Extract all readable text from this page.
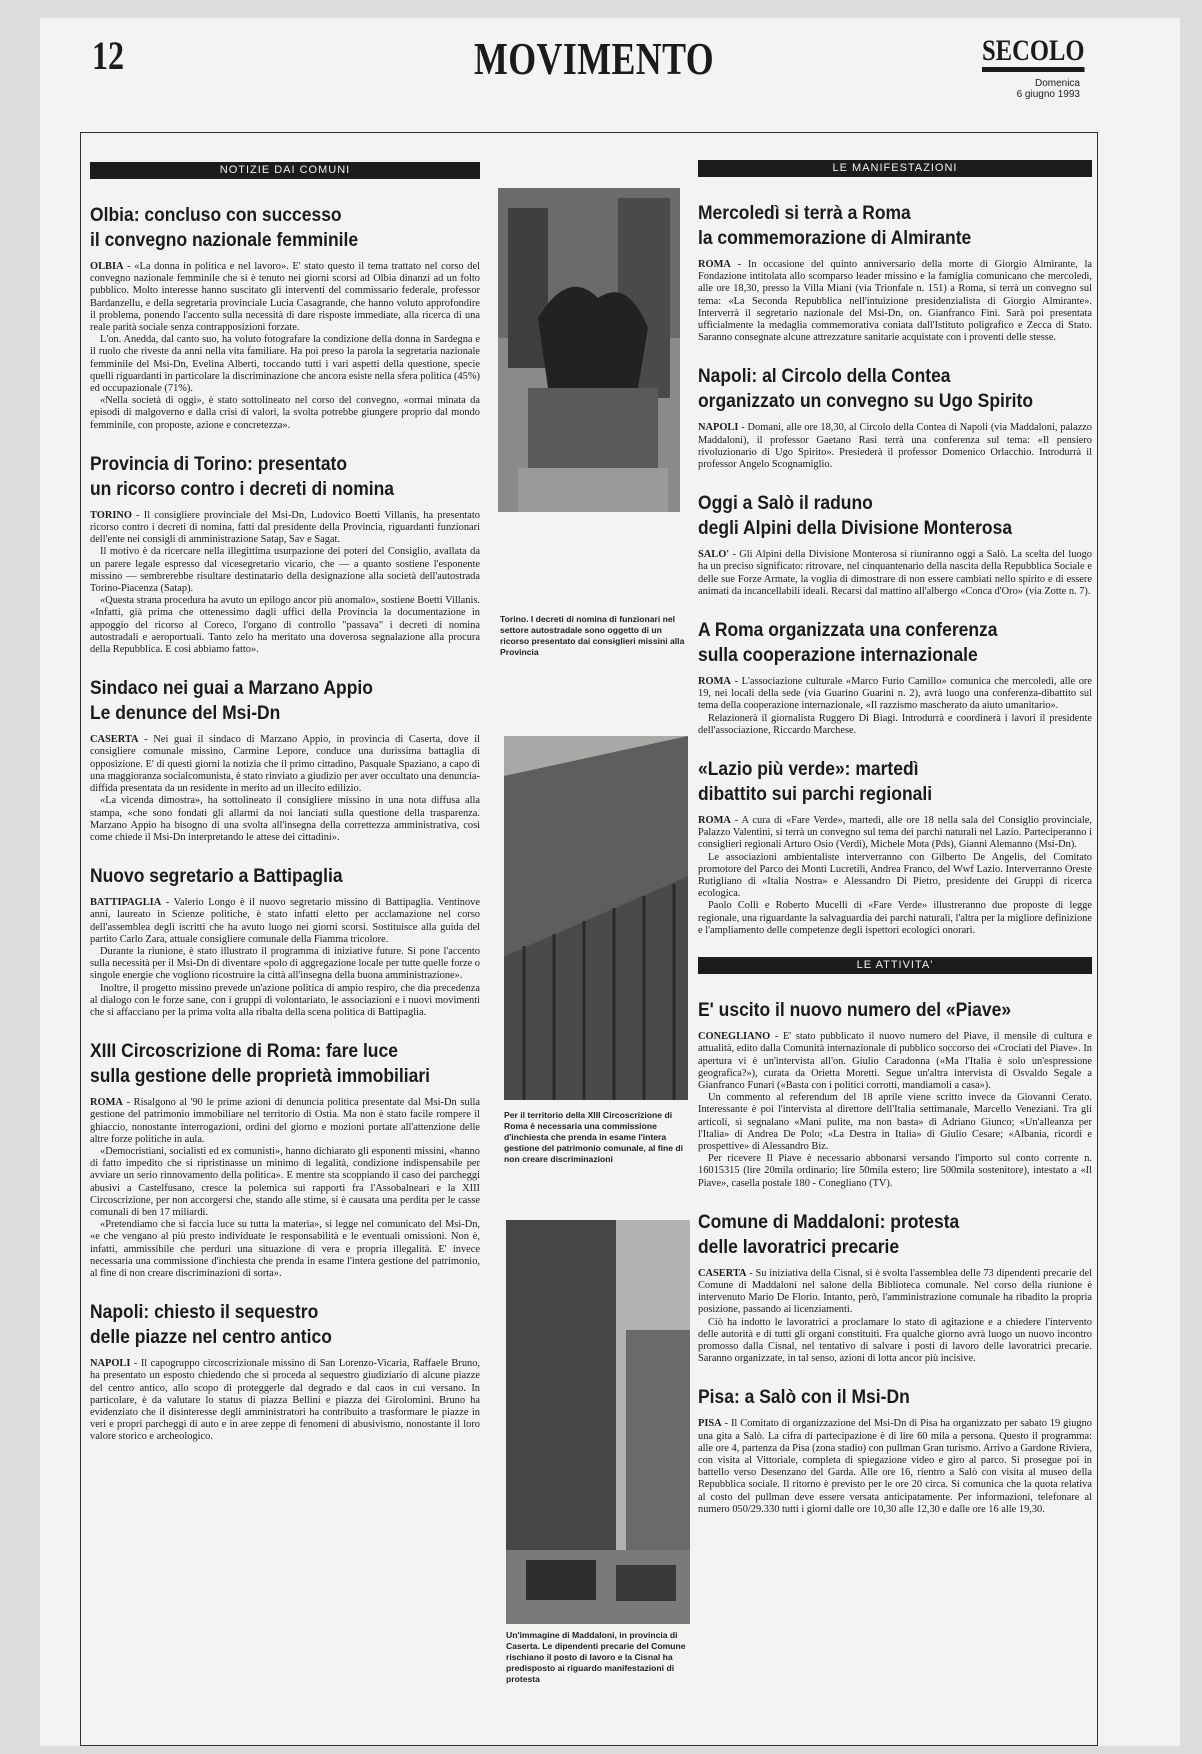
12	MOVIMENTO	SECOLO
Domenica
6 giugno 1993
NOTIZIE DAI COMUNI
Olbia: concluso con successo
il convegno nazionale femminile

OLBIA - «La donna in politica e nel lavoro». E' stato questo il tema trattato nel corso del convegno nazionale femminile che si è tenuto nei giorni scorsi ad Olbia dinanzi ad un folto pubblico. Molto interesse hanno suscitato gli interventi del commissario federale, professor Bardanzellu, e della segretaria provinciale Lucia Casagrande, che hanno voluto approfondire il problema, ponendo l'accento sulla necessità di dare risposte immediate, alla ricerca di una reale parità sociale senza contrapposizioni forzate.

L'on. Anedda, dal canto suo, ha voluto fotografare la condizione della donna in Sardegna e il ruolo che riveste da anni nella vita familiare. Ha poi preso la parola la segretaria nazionale femminile del Msi-Dn, Evelina Alberti, toccando tutti i vari aspetti della questione, specie quelli riguardanti in particolare la discriminazione che ancora esiste nella sfera politica (45%) ed occupazionale (71%).

«Nella società di oggi», è stato sottolineato nel corso del convegno, «ormai minata da episodi di malgoverno e dalla crisi di valori, la svolta potrebbe giungere proprio dal mondo femminile, con proposte, azione e concretezza».

Provincia di Torino: presentato
un ricorso contro i decreti di nomina

TORINO - Il consigliere provinciale del Msi-Dn, Ludovico Boetti Villanis, ha presentato ricorso contro i decreti di nomina, fatti dal presidente della Provincia, riguardanti funzionari dell'ente nei consigli di amministrazione Satap, Sav e Sagat.

Il motivo è da ricercare nella illegittima usurpazione dei poteri del Consiglio, avallata da un parere legale espresso dal vicesegretario vicario, che — a quanto sostiene l'esponente missino — sembrerebbe risultare destinatario della designazione alla società dell'autostrada Torino-Piacenza (Satap).

«Questa strana procedura ha avuto un epilogo ancor più anomalo», sostiene Boetti Villanis. «Infatti, già prima che ottenessimo dagli uffici della Provincia la documentazione in appoggio del ricorso al Coreco, l'organo di controllo "passava" i decreti di nomina autostradali e aeroportuali. Tanto zelo ha meritato una doverosa segnalazione alla procura della Repubblica. E così abbiamo fatto».

Sindaco nei guai a Marzano Appio
Le denunce del Msi-Dn

CASERTA - Nei guai il sindaco di Marzano Appio, in provincia di Caserta, dove il consigliere comunale missino, Carmine Lepore, conduce una durissima battaglia di opposizione. E' di questi giorni la notizia che il primo cittadino, Pasquale Spaziano, a capo di una maggioranza socialcomunista, è stato rinviato a giudizio per aver occultato una denuncia-diffida presentata da un residente in merito ad un illecito edilizio.

«La vicenda dimostra», ha sottolineato il consigliere missino in una nota diffusa alla stampa, «che sono fondati gli allarmi da noi lanciati sulla questione della trasparenza. Marzano Appio ha bisogno di una svolta all'insegna della correttezza amministrativa, così come chiede il Msi-Dn interpretando le attese dei cittadini».

Nuovo segretario a Battipaglia

BATTIPAGLIA - Valerio Longo è il nuovo segretario missino di Battipaglia. Ventinove anni, laureato in Scienze politiche, è stato infatti eletto per acclamazione nel corso dell'assemblea degli iscritti che ha avuto luogo nei giorni scorsi. Sostituisce alla guida del partito Carlo Zara, attuale consigliere comunale della Fiamma tricolore.

Durante la riunione, è stato illustrato il programma di iniziative future. Si pone l'accento sulla necessità per il Msi-Dn di diventare «polo di aggregazione locale per tutte quelle forze o singole energie che vogliono ricostruire la città all'insegna della buona amministrazione».

Inoltre, il progetto missino prevede un'azione politica di ampio respiro, che dia precedenza al dialogo con le forze sane, con i gruppi di volontariato, le associazioni e i nuovi movimenti che si affacciano per la prima volta alla ribalta della scena politica di Battipaglia.

XIII Circoscrizione di Roma: fare luce
sulla gestione delle proprietà immobiliari

ROMA - Risalgono al '90 le prime azioni di denuncia politica presentate dal Msi-Dn sulla gestione del patrimonio immobiliare nel territorio di Ostia. Ma non è stato facile rompere il ghiaccio, nonostante interrogazioni, ordini del giorno e mozioni portate all'attenzione delle altre forze politiche in aula.

«Democristiani, socialisti ed ex comunisti», hanno dichiarato gli esponenti missini, «hanno di fatto impedito che si ripristinasse un minimo di legalità, condizione indispensabile per avviare un serio rinnovamento della politica». E mentre sta scoppiando il caso dei parcheggi abusivi a Castelfusano, cresce la polemica sui rapporti fra l'Assobalneari e la XIII Circoscrizione, per non accorgersi che, stando alle stime, si è causata una perdita per le casse comunali di ben 17 miliardi.

«Pretendiamo che si faccia luce su tutta la materia», si legge nel comunicato del Msi-Dn, «e che vengano al più presto individuate le responsabilità e le eventuali omissioni. Non è, infatti, ammissibile che perduri una situazione di vera e propria illegalità. E' invece necessaria una commissione d'inchiesta che prenda in esame l'intera gestione del patrimonio, al fine di non creare discriminazioni di sorta».

Napoli: chiesto il sequestro
delle piazze nel centro antico

NAPOLI - Il capogruppo circoscrizionale missino di San Lorenzo-Vicaria, Raffaele Bruno, ha presentato un esposto chiedendo che si proceda al sequestro giudiziario di alcune piazze del centro antico, allo scopo di proteggerle dal degrado e dal caos in cui versano. In particolare, è da valutare lo status di piazza Bellini e piazza dei Girolomini. Bruno ha evidenziato che il disinteresse degli amministratori ha contribuito a trasformare le piazze in veri e propri parcheggi di auto e in aree zeppe di fenomeni di abusivismo, nonostante il loro valore storico e archeologico.

Torino. I decreti di nomina di funzionari nel settore autostradale sono oggetto di un ricorso presentato dai consiglieri missini alla Provincia
Per il territorio della XIII Circoscrizione di Roma è necessaria una commissione d'inchiesta che prenda in esame l'intera gestione del patrimonio comunale, al fine di non creare discriminazioni
Un'immagine di Maddaloni, in provincia di Caserta. Le dipendenti precarie del Comune rischiano il posto di lavoro e la Cisnal ha predisposto ai riguardo manifestazioni di protesta
LE MANIFESTAZIONI
Mercoledì si terrà a Roma
la commemorazione di Almirante

ROMA - In occasione del quinto anniversario della morte di Giorgio Almirante, la Fondazione intitolata allo scomparso leader missino e la famiglia comunicano che mercoledì, alle ore 18,30, presso la Villa Miani (via Trionfale n. 151) a Roma, si terrà un convegno sul tema: «La Seconda Repubblica nell'intuizione presidenzialista di Giorgio Almirante». Interverrà il segretario nazionale del Msi-Dn, on. Gianfranco Fini. Sarà poi presentata ufficialmente la medaglia commemorativa coniata dall'Istituto poligrafico e Zecca di Stato. Saranno consegnate alcune attrezzature sanitarie acquistate con i proventi delle stesse.

Napoli: al Circolo della Contea
organizzato un convegno su Ugo Spirito

NAPOLI - Domani, alle ore 18,30, al Circolo della Contea di Napoli (via Maddaloni, palazzo Maddaloni), il professor Gaetano Rasi terrà una conferenza sul tema: «Il pensiero rivoluzionario di Ugo Spirito». Presiederà il professor Domenico Orlacchio. Introdurrà il professor Angelo Scognamiglio.

Oggi a Salò il raduno
degli Alpini della Divisione Monterosa

SALO' - Gli Alpini della Divisione Monterosa si riuniranno oggi a Salò. La scelta del luogo ha un preciso significato: ritrovare, nel cinquantenario della nascita della Repubblica Sociale e delle sue Forze Armate, la voglia di dimostrare di non essere cambiati nello spirito e di essere animati da incancellabili ideali. Recarsi dal mattino all'albergo «Conca d'Oro» (via Zotte n. 7).

A Roma organizzata una conferenza
sulla cooperazione internazionale

ROMA - L'associazione culturale «Marco Furio Camillo» comunica che mercoledì, alle ore 19, nei locali della sede (via Guarino Guarini n. 2), avrà luogo una conferenza-dibattito sul tema della cooperazione internazionale, «Il razzismo mascherato da aiuto umanitario».

Relazionerà il giornalista Ruggero Di Biagi. Introdurrà e coordinerà i lavori il presidente dell'associazione, Riccardo Marchese.

«Lazio più verde»: martedì
dibattito sui parchi regionali

ROMA - A cura di «Fare Verde», martedì, alle ore 18 nella sala del Consiglio provinciale, Palazzo Valentini, si terrà un convegno sul tema dei parchi naturali nel Lazio. Parteciperanno i consiglieri regionali Arturo Osio (Verdi), Michele Mota (Pds), Gianni Alemanno (Msi-Dn).

Le associazioni ambientaliste interverranno con Gilberto De Angelis, del Comitato promotore del Parco dei Monti Lucretili, Andrea Franco, del Wwf Lazio. Interverranno Oreste Rutigliano di «Italia Nostra» e Alessandro Di Pietro, presidente dei Gruppi di ricerca ecologica.

Paolo Colli e Roberto Mucelli di «Fare Verde» illustreranno due proposte di legge regionale, una riguardante la salvaguardia dei parchi naturali, l'altra per la migliore definizione e l'ampliamento delle competenze degli ispettori ecologici onorari.

LE ATTIVITA'
E' uscito il nuovo numero del «Piave»

CONEGLIANO - E' stato pubblicato il nuovo numero del Piave, il mensile di cultura e attualità, edito dalla Comunità internazionale di pubblico soccorso dei «Crociati del Piave». In apertura vi è un'intervista all'on. Giulio Caradonna («Ma l'Italia è solo un'espressione geografica?»), curata da Orietta Moretti. Segue un'altra intervista di Osvaldo Segale a Gianfranco Funari («Basta con i politici corrotti, mandiamoli a casa»).

Un commento al referendum del 18 aprile viene scritto invece da Giovanni Cerato. Interessante è poi l'intervista al direttore dell'Italia settimanale, Marcello Veneziani. Tra gli articoli, si segnalano «Mani pulite, ma non basta» di Adriano Giunco; «Un'alleanza per l'Italia» di Andrea De Polo; «La Destra in Italia» di Giulio Cesare; «Albania, ricordi e prospettive» di Alessandro Biz.

Per ricevere Il Piave è necessario abbonarsi versando l'importo sul conto corrente n. 16015315 (lire 20mila ordinario; lire 50mila estero; lire 500mila sostenitore), intestato a «Il Piave», casella postale 180 - Conegliano (TV).

Comune di Maddaloni: protesta
delle lavoratrici precarie

CASERTA - Su iniziativa della Cisnal, si è svolta l'assemblea delle 73 dipendenti precarie del Comune di Maddaloni nel salone della Biblioteca comunale. Nel corso della riunione è intervenuto Mario De Florio. Intanto, però, l'amministrazione comunale ha ribadito la propria posizione, passando ai licenziamenti.

Ciò ha indotto le lavoratrici a proclamare lo stato di agitazione e a chiedere l'intervento delle autorità e di tutti gli organi constituiti. Fra qualche giorno avrà luogo un nuovo incontro promosso dalla Cisnal, nel tentativo di salvare i posti di lavoro delle lavoratrici precarie. Saranno organizzate, in tal senso, azioni di lotta ancor più incisive.

Pisa: a Salò con il Msi-Dn

PISA - Il Comitato di organizzazione del Msi-Dn di Pisa ha organizzato per sabato 19 giugno una gita a Salò. La cifra di partecipazione è di lire 60 mila a persona. Questo il programma: alle ore 4, partenza da Pisa (zona stadio) con pullman Gran turismo. Arrivo a Gardone Riviera, con visita al Vittoriale, completa di spiegazione video e giro al parco. Si prosegue poi in battello verso Desenzano del Garda. Alle ore 16, rientro a Salò con visita al museo della Repubblica sociale. Il ritorno è previsto per le ore 20 circa. Si comunica che la quota relativa al costo del pullman deve essere versata anticipatamente. Per informazioni, telefonare al numero 050/29.330 tutti i giorni dalle ore 10,30 alle 12,30 e dalle ore 16 alle 19,30.
